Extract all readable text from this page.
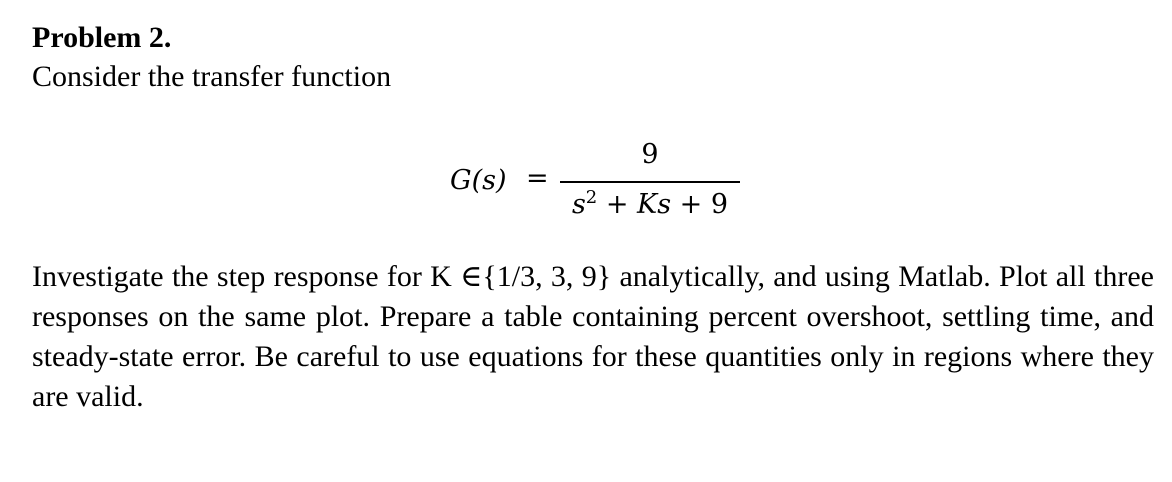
Problem 2.
Consider the transfer function
G(s) =
9
$s^2 + Ks + 9$

Investigate the step response for K ∈{1/3, 3, 9} analytically, and using Matlab. Plot all three responses on the same plot. Prepare a table containing percent overshoot, settling time, and steady-state error. Be careful to use equations for these quantities only in regions where they are valid.
